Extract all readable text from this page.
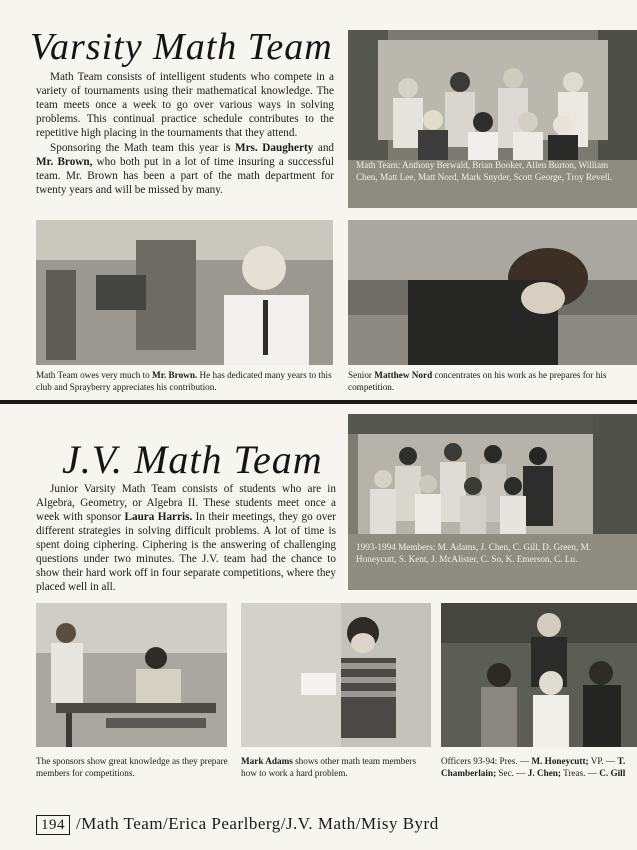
Varsity Math Team

Math Team consists of intelligent students who compete in a variety of tournaments using their mathematical knowledge. The team meets once a week to go over various ways in solving problems. This continual practice schedule contributes to the repetitive high placing in the tournaments that they attend.

Sponsoring the Math team this year is Mrs. Daugherty and Mr. Brown, who both put in a lot of time insuring a successful team. Mr. Brown has been a part of the math department for twenty years and will be missed by many.

Math Team: Anthony Berwald, Brian Booker, Allen Burton, William Chen, Matt Lee, Matt Nord, Mark Snyder, Scott George, Troy Revell.
Math Team owes very much to Mr. Brown. He has dedicated many years to this club and Sprayberry appreciates his contribution.
Senior Matthew Nord concentrates on his work as he prepares for his competition.
J.V. Math Team

Junior Varsity Math Team consists of students who are in Algebra, Geometry, or Algebra II. These students meet once a week with sponsor Laura Harris. In their meetings, they go over different strategies in solving difficult problems. A lot of time is spent doing ciphering. Ciphering is the answering of challenging questions under two minutes. The J.V. team had the chance to show their hard work off in four separate competitions, where they placed well in all.

1993-1994 Members: M. Adams, J. Chen, C. Gill, D. Green, M. Honeycutt, S. Kent, J. McAlister, C. So, K. Emerson, C. Lu.
The sponsors show great knowledge as they prepare members for competitions.
Mark Adams shows other math team members how to work a hard problem.
Officers 93-94: Pres. — M. Honeycutt; VP. — T. Chamberlain; Sec. — J. Chen; Treas. — C. Gill
194 /Math Team/Erica Pearlberg/J.V. Math/Misy Byrd
